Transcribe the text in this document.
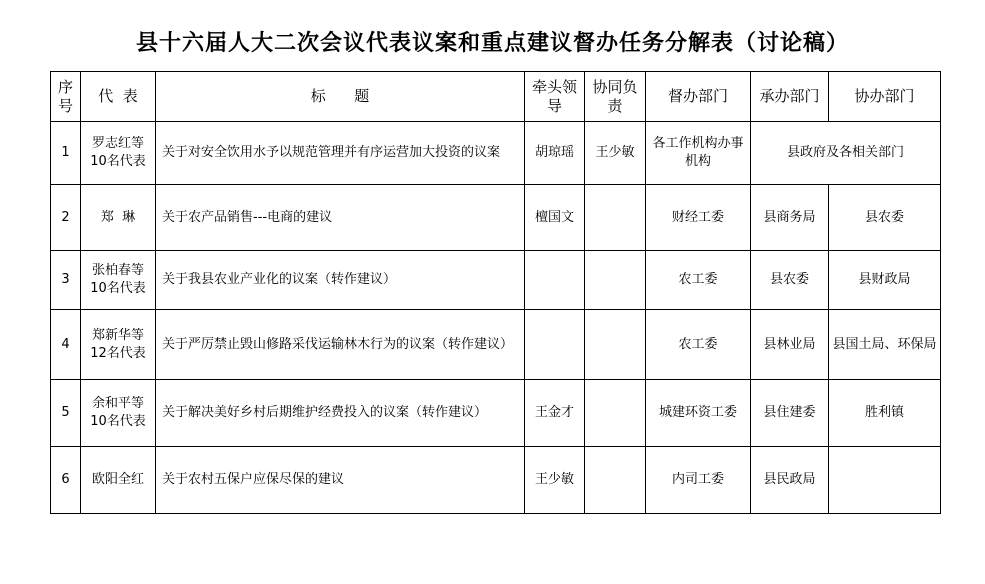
县十六届人大二次会议代表议案和重点建议督办任务分解表（讨论稿）
序号	代  表	标      题	牵头领导	协同负责	督办部门	承办部门	协办部门
1	罗志红等10名代表	关于对安全饮用水予以规范管理并有序运营加大投资的议案	胡琼瑶	王少敏	各工作机构办事机构	县政府及各相关部门	
2	郑  琳	关于农产品销售---电商的建议	檀国文		财经工委	县商务局	县农委
3	张柏春等10名代表	关于我县农业产业化的议案（转作建议）			农工委	县农委	县财政局
4	郑新华等12名代表	关于严厉禁止毁山修路采伐运输林木行为的议案（转作建议）			农工委	县林业局	县国土局、环保局
5	余和平等10名代表	关于解决美好乡村后期维护经费投入的议案（转作建议）	王金才		城建环资工委	县住建委	胜利镇
6	欧阳全红	关于农村五保户应保尽保的建议	王少敏		内司工委	县民政局	
